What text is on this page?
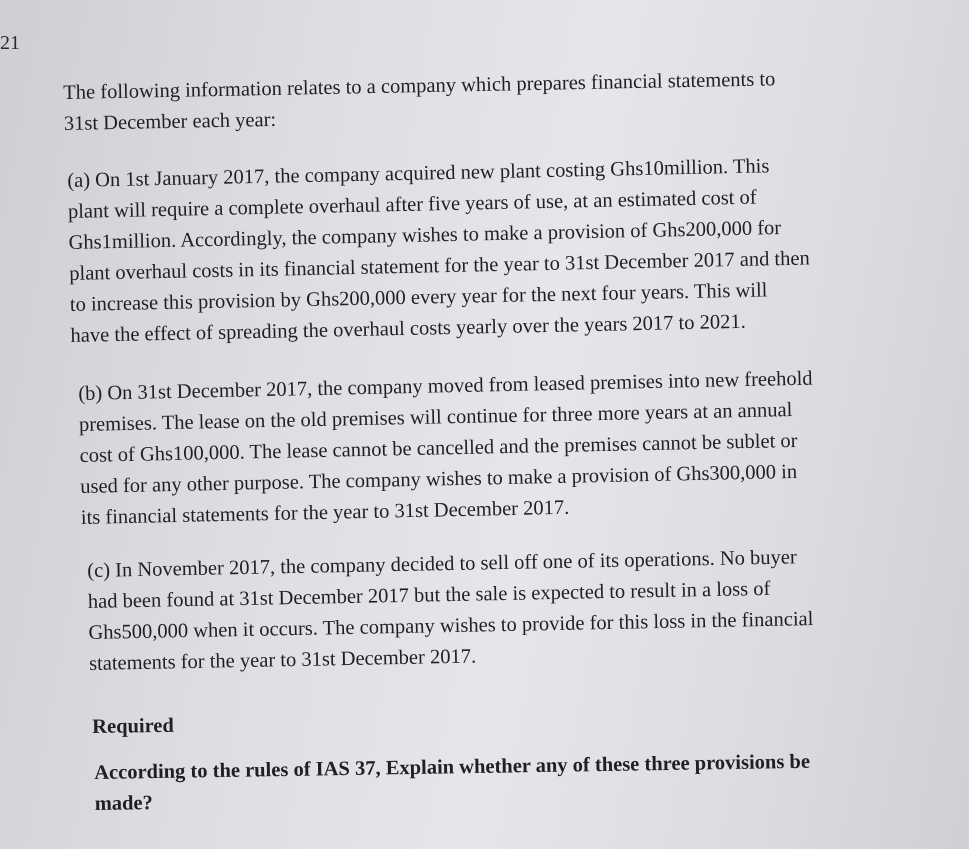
21
The following information relates to a company which prepares financial statements to
31st December each year:
(a) On 1st January 2017, the company acquired new plant costing Ghs10million. This
plant will require a complete overhaul after five years of use, at an estimated cost of
Ghs1million. Accordingly, the company wishes to make a provision of Ghs200,000 for
plant overhaul costs in its financial statement for the year to 31st December 2017 and then
to increase this provision by Ghs200,000 every year for the next four years. This will
have the effect of spreading the overhaul costs yearly over the years 2017 to 2021.
(b) On 31st December 2017, the company moved from leased premises into new freehold
premises. The lease on the old premises will continue for three more years at an annual
cost of Ghs100,000. The lease cannot be cancelled and the premises cannot be sublet or
used for any other purpose. The company wishes to make a provision of Ghs300,000 in
its financial statements for the year to 31st December 2017.
(c) In November 2017, the company decided to sell off one of its operations. No buyer
had been found at 31st December 2017 but the sale is expected to result in a loss of
Ghs500,000 when it occurs. The company wishes to provide for this loss in the financial
statements for the year to 31st December 2017.
Required
According to the rules of IAS 37, Explain whether any of these three provisions be
made?
